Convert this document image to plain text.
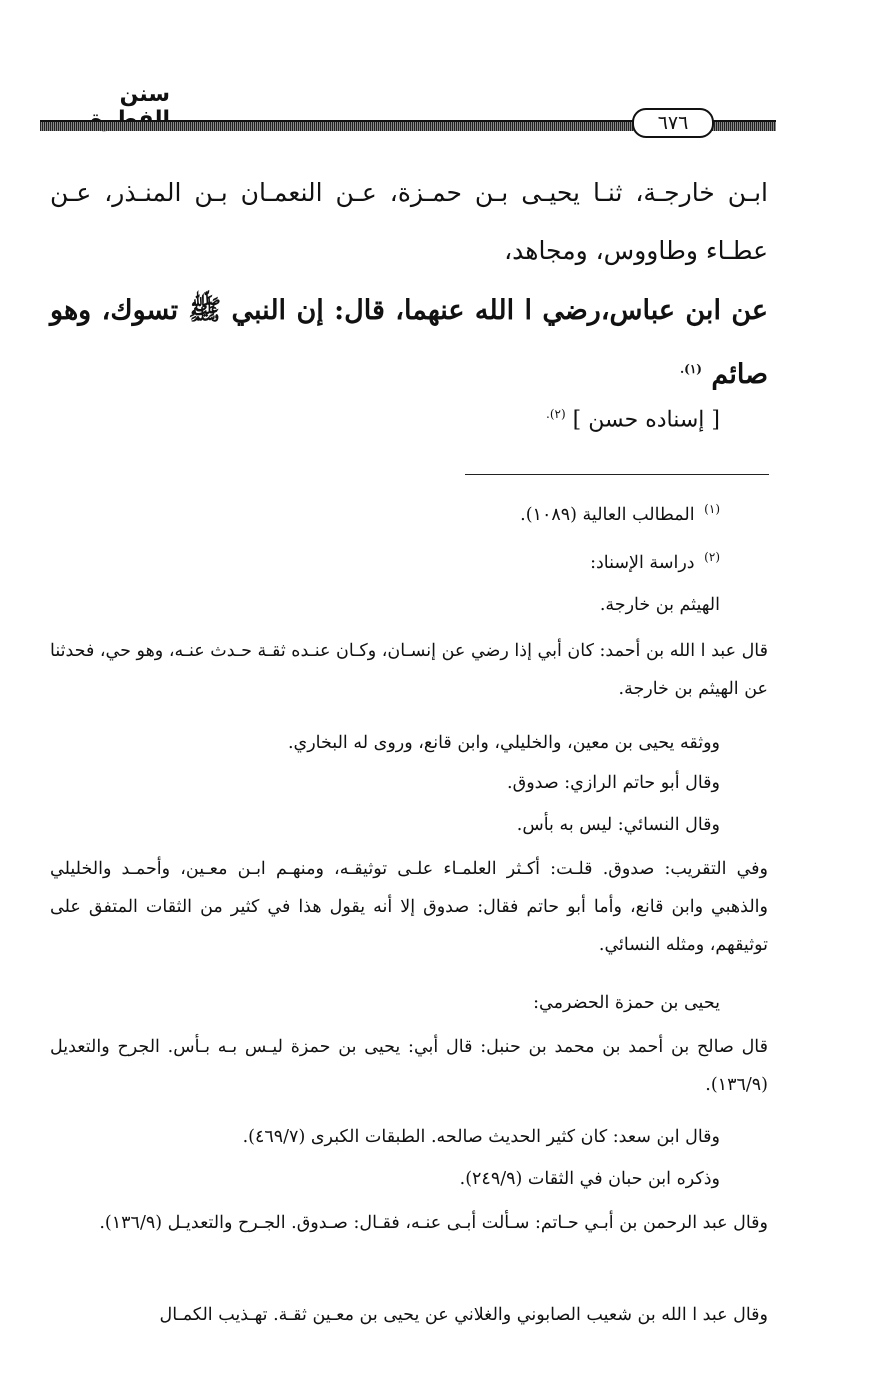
سنن
٦٧٦
ابـن خارجـة، ثنـا يحيـى بـن حمـزة، عـن النعمـان بـن المنـذر، عـن عطـاء وطاووس، ومجاهد،
عن ابن عباس،رضي ا الله عنهما، قال: إن النبي ﷺ تسوك، وهو صائم $^{(١).}$
[ إسناده حسن ] $^{(٢).}$
$^{(١)}$ المطالب العالية (١٠٨٩).
$^{(٢)}$ دراسة الإسناد:
الهيثم بن خارجة.
قال عبد ا الله بن أحمد: كان أبي إذا رضي عن إنسـان، وكـان عنـده ثقـة حـدث عنـه، وهو حي، فحدثنا عن الهيثم بن خارجة.
ووثقه يحيى بن معين، والخليلي، وابن قانع، وروى له البخاري.
وقال أبو حاتم الرازي: صدوق.
وقال النسائي: ليس به بأس.
وفي التقريب: صدوق. قلـت: أكـثر العلمـاء علـى توثيقـه، ومنهـم ابـن معـين، وأحمـد والخليلي والذهبي وابن قانع، وأما أبو حاتم فقال: صدوق إلا أنه يقول هذا في كثير من الثقات المتفق على توثيقهم، ومثله النسائي.
يحيى بن حمزة الحضرمي:
قال صالح بن أحمد بن محمد بن حنبل: قال أبي: يحيى بن حمزة ليـس بـه بـأس. الجرح والتعديل (١٣٦/٩).
وقال ابن سعد: كان كثير الحديث صالحه. الطبقات الكبرى (٤٦٩/٧).
وذكره ابن حبان في الثقات (٢٤٩/٩).
وقال عبد الرحمن بن أبـي حـاتم: سـألت أبـى عنـه، فقـال: صـدوق. الجـرح والتعديـل (١٣٦/٩).
وقال عبد ا الله بن شعيب الصابوني والغلاني عن يحيى بن معـين ثقـة. تهـذيب الكمـال
